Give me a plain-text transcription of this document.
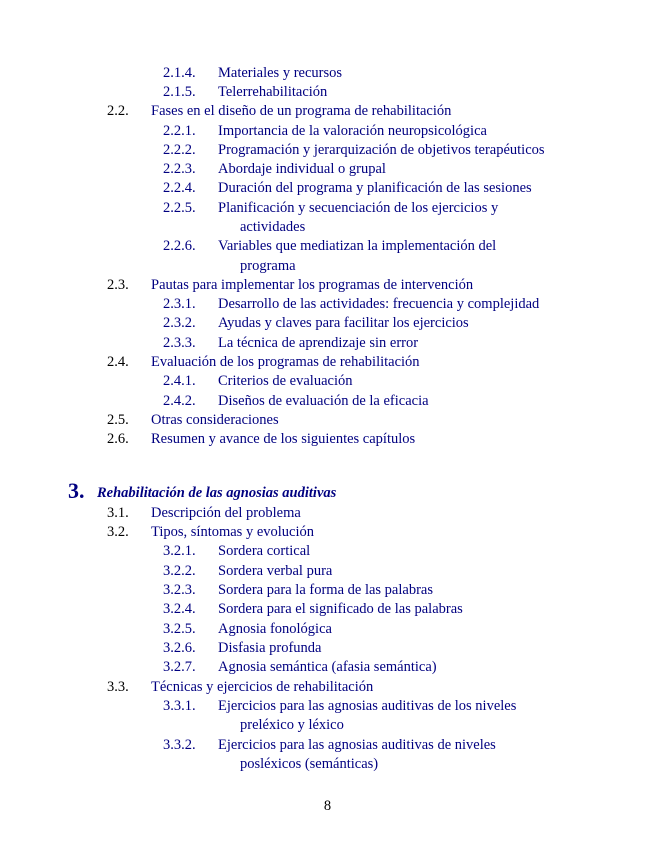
2.1.4. Materiales y recursos
2.1.5. Telerrehabilitación
2.2. Fases en el diseño de un programa de rehabilitación
2.2.1. Importancia de la valoración neuropsicológica
2.2.2. Programación y jerarquización de objetivos terapéuticos
2.2.3. Abordaje individual o grupal
2.2.4. Duración del programa y planificación de las sesiones
2.2.5. Planificación y secuenciación de los ejercicios y
actividades
2.2.6. Variables que mediatizan la implementación del
programa
2.3. Pautas para implementar los programas de intervención
2.3.1. Desarrollo de las actividades: frecuencia y complejidad
2.3.2. Ayudas y claves para facilitar los ejercicios
2.3.3. La técnica de aprendizaje sin error
2.4. Evaluación de los programas de rehabilitación
2.4.1. Criterios de evaluación
2.4.2. Diseños de evaluación de la eficacia
2.5. Otras consideraciones
2.6. Resumen y avance de los siguientes capítulos
3. Rehabilitación de las agnosias auditivas
3.1. Descripción del problema
3.2. Tipos, síntomas y evolución
3.2.1. Sordera cortical
3.2.2. Sordera verbal pura
3.2.3. Sordera para la forma de las palabras
3.2.4. Sordera para el significado de las palabras
3.2.5. Agnosia fonológica
3.2.6. Disfasia profunda
3.2.7. Agnosia semántica (afasia semántica)
3.3. Técnicas y ejercicios de rehabilitación
3.3.1. Ejercicios para las agnosias auditivas de los niveles
preléxico y léxico
3.3.2. Ejercicios para las agnosias auditivas de niveles
posléxicos (semánticas)
8
